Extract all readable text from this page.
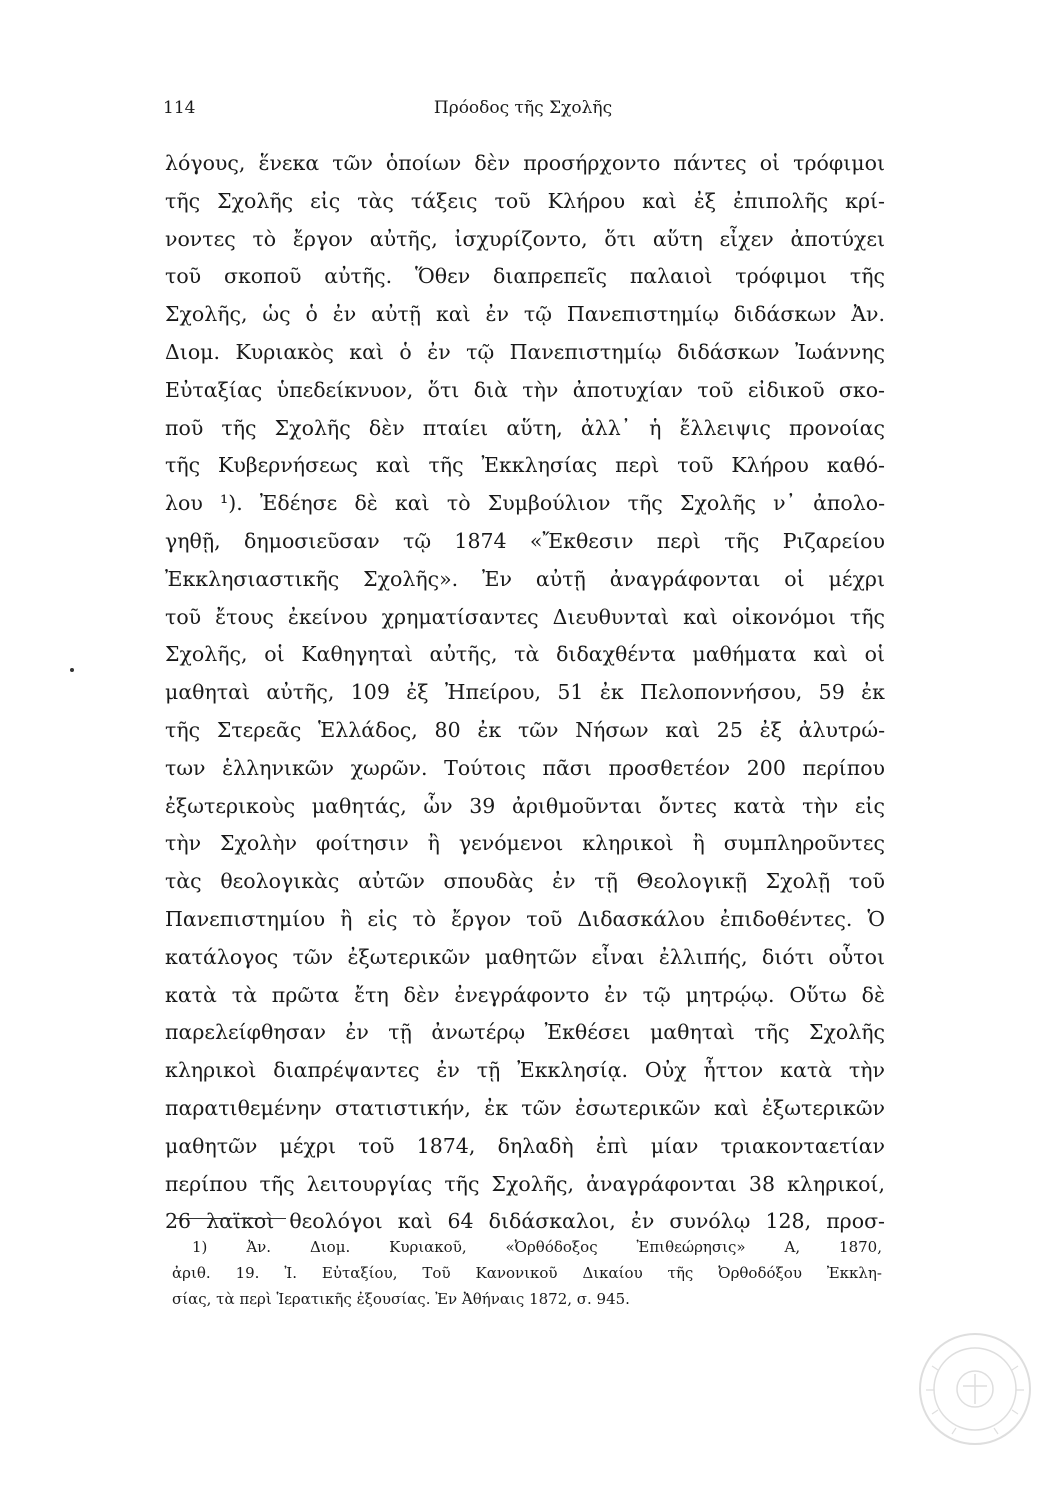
114	Πρόοδος τῆς Σχολῆς
λόγους, ἕνεκα τῶν ὁποίων δὲν προσήρχοντο πάντες οἱ τρόφιμοι
τῆς Σχολῆς εἰς τὰς τάξεις τοῦ Κλήρου καὶ ἐξ ἐπιπολῆς κρί-
νοντες τὸ ἔργον αὐτῆς, ἰσχυρίζοντο, ὅτι αὕτη εἶχεν ἀποτύχει
τοῦ σκοποῦ αὐτῆς. Ὅθεν διαπρεπεῖς παλαιοὶ τρόφιμοι τῆς
Σχολῆς, ὡς ὁ ἐν αὐτῇ καὶ ἐν τῷ Πανεπιστημίῳ διδάσκων Ἀν.
Διομ. Κυριακὸς καὶ ὁ ἐν τῷ Πανεπιστημίῳ διδάσκων Ἰωάννης
Εὐταξίας ὑπεδείκνυον, ὅτι διὰ τὴν ἀποτυχίαν τοῦ εἰδικοῦ σκο-
ποῦ τῆς Σχολῆς δὲν πταίει αὕτη, ἀλλ᾽ ἡ ἔλλειψις προνοίας
τῆς Κυβερνήσεως καὶ τῆς Ἐκκλησίας περὶ τοῦ Κλήρου καθό-
λου ¹). Ἐδέησε δὲ καὶ τὸ Συμβούλιον τῆς Σχολῆς ν᾽ ἀπολο-
γηθῇ, δημοσιεῦσαν τῷ 1874 «Ἔκθεσιν περὶ τῆς Ριζαρείου
Ἐκκλησιαστικῆς Σχολῆς». Ἐν αὐτῇ ἀναγράφονται οἱ μέχρι
τοῦ ἔτους ἐκείνου χρηματίσαντες Διευθυνταὶ καὶ οἰκονόμοι τῆς
Σχολῆς, οἱ Καθηγηταὶ αὐτῆς, τὰ διδαχθέντα μαθήματα καὶ οἱ
μαθηταὶ αὐτῆς, 109 ἐξ Ἠπείρου, 51 ἐκ Πελοποννήσου, 59 ἐκ
τῆς Στερεᾶς Ἑλλάδος, 80 ἐκ τῶν Νήσων καὶ 25 ἐξ ἀλυτρώ-
των ἑλληνικῶν χωρῶν. Τούτοις πᾶσι προσθετέον 200 περίπου
ἐξωτερικοὺς μαθητάς, ὧν 39 ἀριθμοῦνται ὄντες κατὰ τὴν εἰς
τὴν Σχολὴν φοίτησιν ἢ γενόμενοι κληρικοὶ ἢ συμπληροῦντες
τὰς θεολογικὰς αὐτῶν σπουδὰς ἐν τῇ Θεολογικῇ Σχολῇ τοῦ
Πανεπιστημίου ἢ εἰς τὸ ἔργον τοῦ Διδασκάλου ἐπιδοθέντες. Ὁ
κατάλογος τῶν ἐξωτερικῶν μαθητῶν εἶναι ἐλλιπής, διότι οὗτοι
κατὰ τὰ πρῶτα ἔτη δὲν ἐνεγράφοντο ἐν τῷ μητρῴῳ. Οὕτω δὲ
παρελείφθησαν ἐν τῇ ἀνωτέρῳ Ἐκθέσει μαθηταὶ τῆς Σχολῆς
κληρικοὶ διαπρέψαντες ἐν τῇ Ἐκκλησίᾳ. Οὐχ ἧττον κατὰ τὴν
παρατιθεμένην στατιστικήν, ἐκ τῶν ἐσωτερικῶν καὶ ἐξωτερικῶν
μαθητῶν μέχρι τοῦ 1874, δηλαδὴ ἐπὶ μίαν τριακονταετίαν
περίπου τῆς λειτουργίας τῆς Σχολῆς, ἀναγράφονται 38 κληρικοί,
26 λαϊκοὶ θεολόγοι καὶ 64 διδάσκαλοι, ἐν συνόλῳ 128, προσ-
1) Ἀν. Διομ. Κυριακοῦ, «Ὀρθόδοξος Ἐπιθεώρησις» Α, 1870,
ἀριθ. 19. Ἰ. Εὐταξίου, Τοῦ Κανονικοῦ Δικαίου τῆς Ὀρθοδόξου Ἐκκλη-
σίας, τὰ περὶ Ἱερατικῆς ἐξουσίας. Ἐν Ἀθήναις 1872, σ. 945.
